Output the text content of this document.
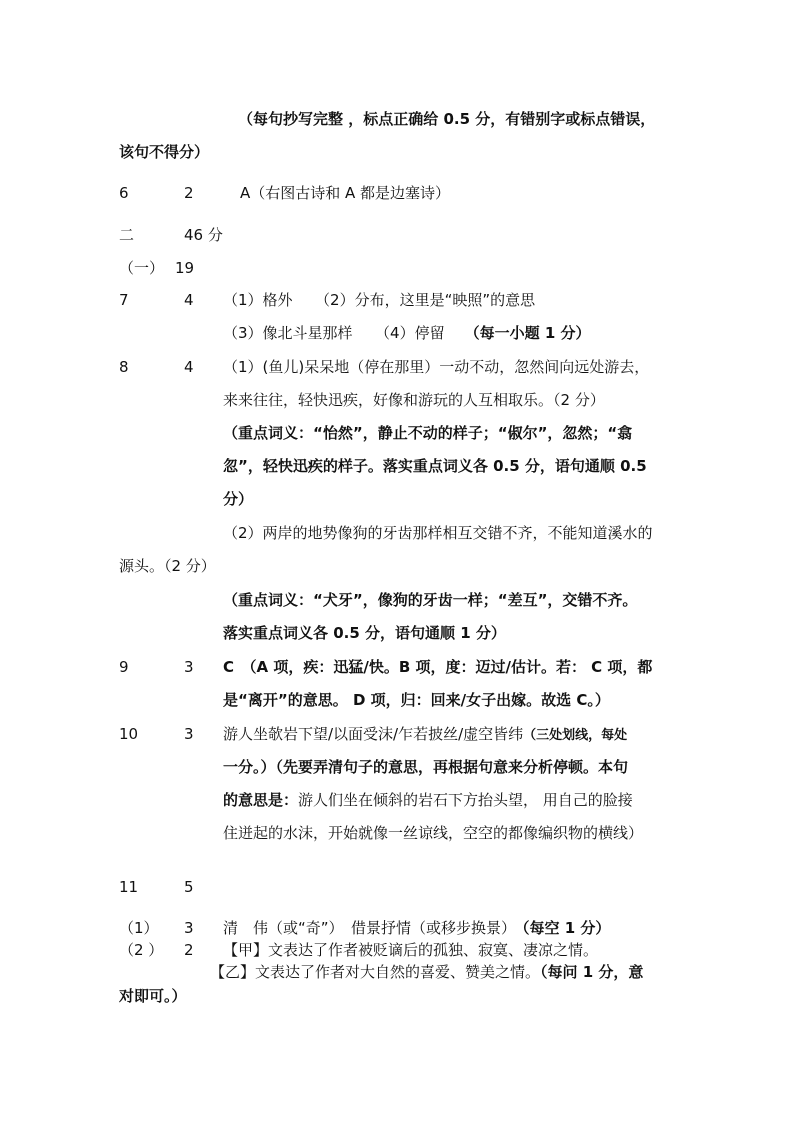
（每句抄写完整 ，标点正确给 0.5 分，有错别字或标点错误，
该句不得分）
6	2	A（右图古诗和 A 都是边塞诗）
二	46 分
（一） 19
7	4 （1）格外　　（2）分布，这里是“映照”的意思
（3）像北斗星那样　　（4）停留 （每一小题 1 分）
8	4 （1）(鱼儿)呆呆地（停在那里）一动不动，忽然间向远处游去，
来来往往，轻快迅疾，好像和游玩的人互相取乐。（2 分）
（重点词义：“怡然”，静止不动的样子；“俶尔”，忽然；“翕
忽”，轻快迅疾的样子。落实重点词义各 0.5 分，语句通顺 0.5
分）
（2）两岸的地势像狗的牙齿那样相互交错不齐，不能知道溪水的
源头。（2 分）
（重点词义：“犬牙”，像狗的牙齿一样；“差互”，交错不齐。
落实重点词义各 0.5 分，语句通顺 1 分）
9	3 C　（A 项，疾：迅猛/快。B 项，度：迈过/估计。若： C 项，都
是“离开”的意思。 D 项，归：回来/女子出嫁。故选 C。）
10	3 游人坐欹岩下望/以面受沫/乍若披丝/虚空皆纬（三处划线，每处
一分。）（先要弄清句子的意思，再根据句意来分析停顿。本句
的意思是：游人们坐在倾斜的岩石下方抬头望， 用自己的脸接
住迸起的水沫，开始就像一丝谅线，空空的都像编织物的横线）
11	5
（1） 3 清　伟（或“奇”）　借景抒情（或移步换景） （每空 1 分）
（2 ） 2 【甲】文表达了作者被贬谪后的孤独、寂寞、凄凉之情。
【乙】文表达了作者对大自然的喜爱、赞美之情。（每问 1 分，意
对即可。）
